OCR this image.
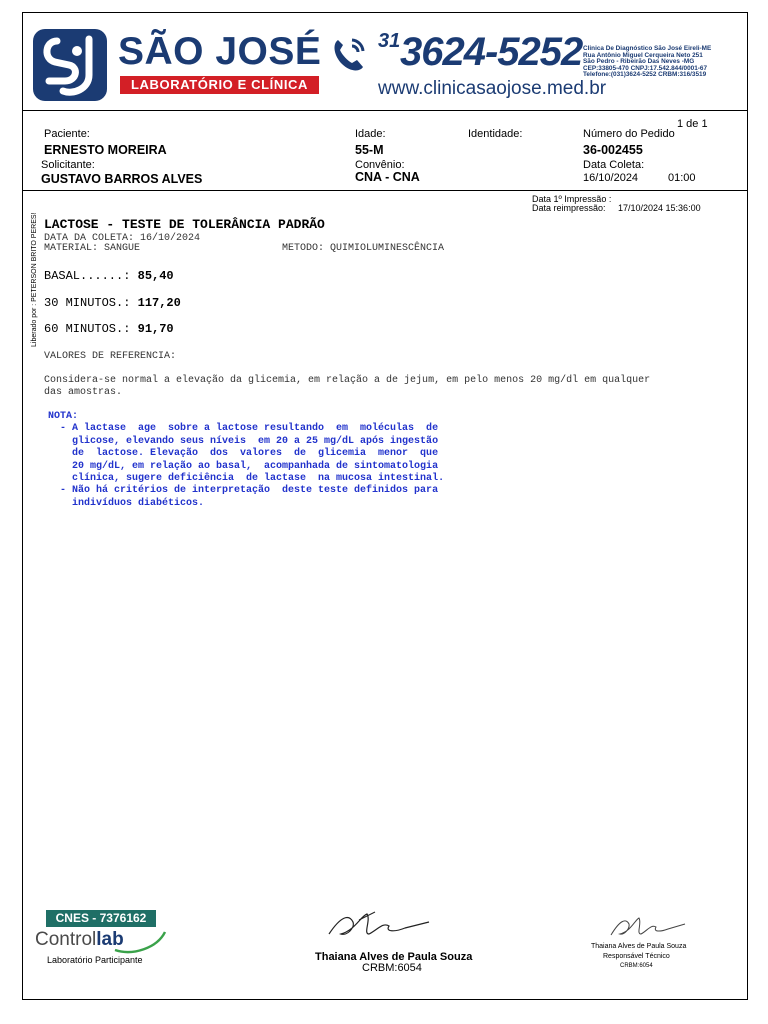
SÃO JOSÉ
LABORATÓRIO E CLÍNICA
31 3624-5252
www.clinicasaojose.med.br
Clinica De Diagnóstico São José Eireli-ME
Rua Antônio Miguel Cerqueira Neto 251
São Pedro - Ribeirão Das Neves -MG
CEP:33805-470 CNPJ:17.542.844/0001-67
Telefone:(031)3624-5252 CRBM:316/3519
1 de 1
Paciente:
ERNESTO MOREIRA
Idade:
55-M
Identidade:	Número do Pedido
36-002455
Solicitante:
GUSTAVO BARROS ALVES
Convênio:
CNA - CNA
Data Coleta:
16/10/2024	01:00
Data 1º Impressão :
Data reimpressão: 17/10/2024 15:36:00
Liberado por : PETERSON BRITO PERES! LACTOSE - TESTE DE TOLERÂNCIA PADRÃO
DATA DA COLETA: 16/10/2024
MATERIAL: SANGUE	METODO: QUIMIOLUMINESCÊNCIA
BASAL......: 85,40
30 MINUTOS.: 117,20
60 MINUTOS.: 91,70
VALORES DE REFERENCIA:
Considera-se normal a elevação da glicemia, em relação a de jejum, em pelo menos 20 mg/dl em qualquer
das amostras.
NOTA:
- A lactase  age  sobre a lactose resultando  em  moléculas  de
glicose, elevando seus níveis  em 20 a 25 mg/dL após ingestão
de  lactose. Elevação  dos  valores  de  glicemia  menor  que
20 mg/dL, em relação ao basal,  acompanhada de sintomatologia
clínica, sugere deficiência  de lactase  na mucosa intestinal.
- Não há critérios de interpretação  deste teste definidos para
indivíduos diabéticos.
CNES - 7376162
Controllab
Laboratório Participante	Thaiana Alves de Paula Souza
CRBM:6054
Thaiana Alves de Paula Souza
Responsável Técnico
CRBM:6054
